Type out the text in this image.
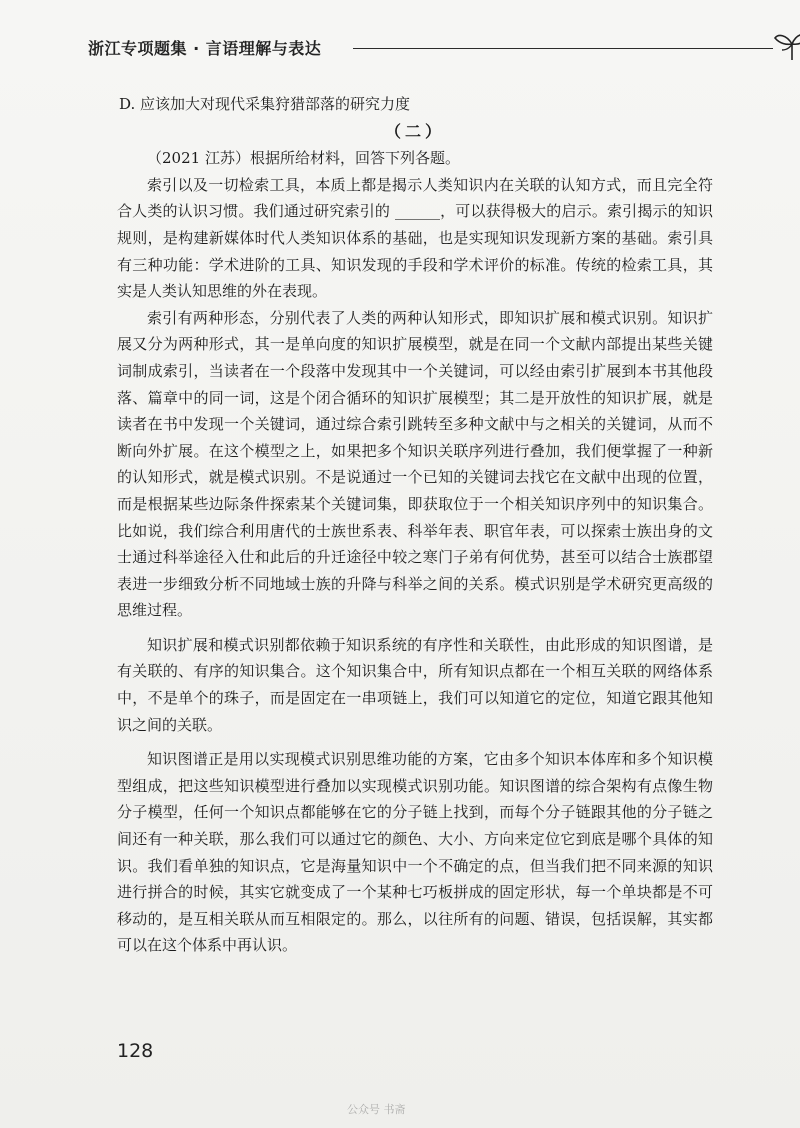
浙江专项题集 · 言语理解与表达

D. 应该加大对现代采集狩猎部落的研究力度

（二）

（2021 江苏）根据所给材料，回答下列各题。

索引以及一切检索工具，本质上都是揭示人类知识内在关联的认知方式，而且完全符合人类的认识习惯。我们通过研究索引的 ______，可以获得极大的启示。索引揭示的知识规则，是构建新媒体时代人类知识体系的基础，也是实现知识发现新方案的基础。索引具有三种功能：学术进阶的工具、知识发现的手段和学术评价的标准。传统的检索工具，其实是人类认知思维的外在表现。

索引有两种形态，分别代表了人类的两种认知形式，即知识扩展和模式识别。知识扩展又分为两种形式，其一是单向度的知识扩展模型，就是在同一个文献内部提出某些关键词制成索引，当读者在一个段落中发现其中一个关键词，可以经由索引扩展到本书其他段落、篇章中的同一词，这是个闭合循环的知识扩展模型；其二是开放性的知识扩展，就是读者在书中发现一个关键词，通过综合索引跳转至多种文献中与之相关的关键词，从而不断向外扩展。在这个模型之上，如果把多个知识关联序列进行叠加，我们便掌握了一种新的认知形式，就是模式识别。不是说通过一个已知的关键词去找它在文献中出现的位置，而是根据某些边际条件探索某个关键词集，即获取位于一个相关知识序列中的知识集合。比如说，我们综合利用唐代的士族世系表、科举年表、职官年表，可以探索士族出身的文士通过科举途径入仕和此后的升迁途径中较之寒门子弟有何优势，甚至可以结合士族郡望表进一步细致分析不同地域士族的升降与科举之间的关系。模式识别是学术研究更高级的思维过程。

知识扩展和模式识别都依赖于知识系统的有序性和关联性，由此形成的知识图谱，是有关联的、有序的知识集合。这个知识集合中，所有知识点都在一个相互关联的网络体系中，不是单个的珠子，而是固定在一串项链上，我们可以知道它的定位，知道它跟其他知识之间的关联。

知识图谱正是用以实现模式识别思维功能的方案，它由多个知识本体库和多个知识模型组成，把这些知识模型进行叠加以实现模式识别功能。知识图谱的综合架构有点像生物分子模型，任何一个知识点都能够在它的分子链上找到，而每个分子链跟其他的分子链之间还有一种关联，那么我们可以通过它的颜色、大小、方向来定位它到底是哪个具体的知识。我们看单独的知识点，它是海量知识中一个不确定的点，但当我们把不同来源的知识进行拼合的时候，其实它就变成了一个某种七巧板拼成的固定形状，每一个单块都是不可移动的，是互相关联从而互相限定的。那么，以往所有的问题、错误，包括误解，其实都可以在这个体系中再认识。

128
公众号 书斋
